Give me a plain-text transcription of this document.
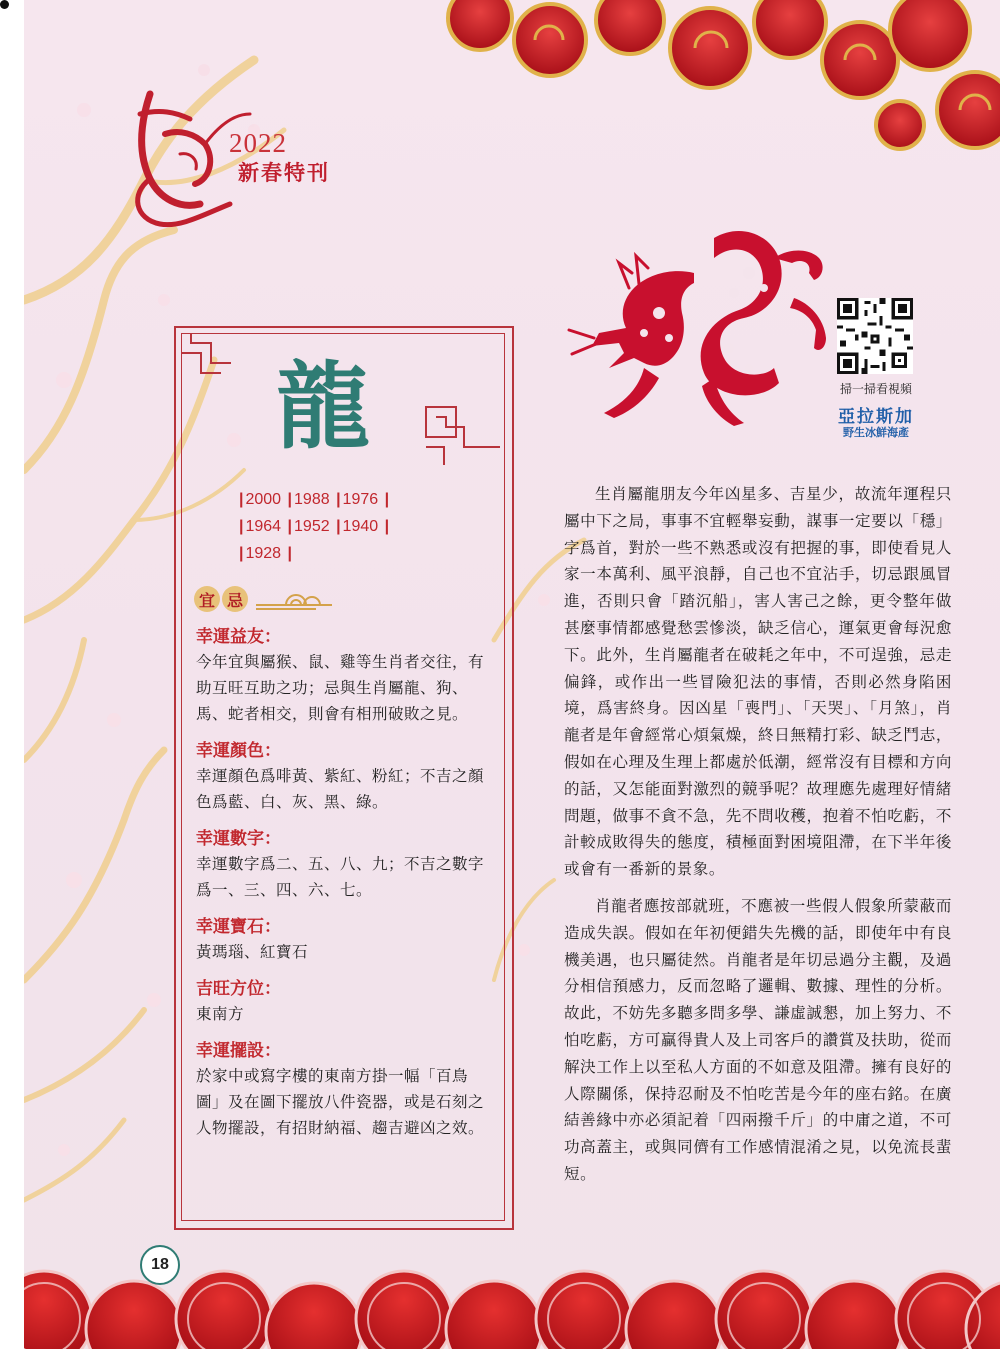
2022
新春特刊
掃一掃看視頻
亞拉斯加
野生冰鮮海產
龍
| 2000 | 1988 | 1976 |
| 1964 | 1952 | 1940 |
| 1928 |
宜 忌
幸運益友：
今年宜與屬猴、鼠、雞等生肖者交往，有助互旺互助之功；忌與生肖屬龍、狗、馬、蛇者相交，則會有相刑破敗之見。
幸運顏色：
幸運顏色爲啡黃、紫紅、粉紅；不吉之顏色爲藍、白、灰、黑、綠。
幸運數字：
幸運數字爲二、五、八、九；不吉之數字爲一、三、四、六、七。
幸運寶石：
黃瑪瑙、紅寶石
吉旺方位：
東南方
幸運擺設：
於家中或寫字樓的東南方掛一幅「百鳥圖」及在圖下擺放八件瓷器，或是石刻之人物擺設，有招財納福、趨吉避凶之效。

生肖屬龍朋友今年凶星多、吉星少，故流年運程只屬中下之局，事事不宜輕舉妄動，謀事一定要以「穩」字爲首，對於一些不熟悉或沒有把握的事，即使看見人家一本萬利、風平浪靜，自己也不宜沾手，切忌跟風冒進，否則只會「踏沉船」，害人害己之餘，更令整年做甚麼事情都感覺愁雲慘淡，缺乏信心，運氣更會每況愈下。此外，生肖屬龍者在破耗之年中，不可逞強，忌走偏鋒，或作出一些冒險犯法的事情，否則必然身陷困境，爲害終身。因凶星「喪門」、「天哭」、「月煞」，肖龍者是年會經常心煩氣燥，終日無精打彩、缺乏鬥志，假如在心理及生理上都處於低潮，經常沒有目標和方向的話，又怎能面對激烈的競爭呢？故理應先處理好情緒問題，做事不貪不急，先不問收穫，抱着不怕吃虧，不計較成敗得失的態度，積極面對困境阻滯，在下半年後或會有一番新的景象。

肖龍者應按部就班，不應被一些假人假象所蒙蔽而造成失誤。假如在年初便錯失先機的話，即使年中有良機美遇，也只屬徒然。肖龍者是年切忌過分主觀，及過分相信預感力，反而忽略了邏輯、數據、理性的分析。故此，不妨先多聽多問多學、謙虛誠懇，加上努力、不怕吃虧，方可贏得貴人及上司客戶的讚賞及扶助，從而解決工作上以至私人方面的不如意及阻滯。擁有良好的人際關係，保持忍耐及不怕吃苦是今年的座右銘。在廣結善緣中亦必須記着「四兩撥千斤」的中庸之道，不可功高蓋主，或與同儕有工作感情混淆之見，以免流長蜚短。

18
